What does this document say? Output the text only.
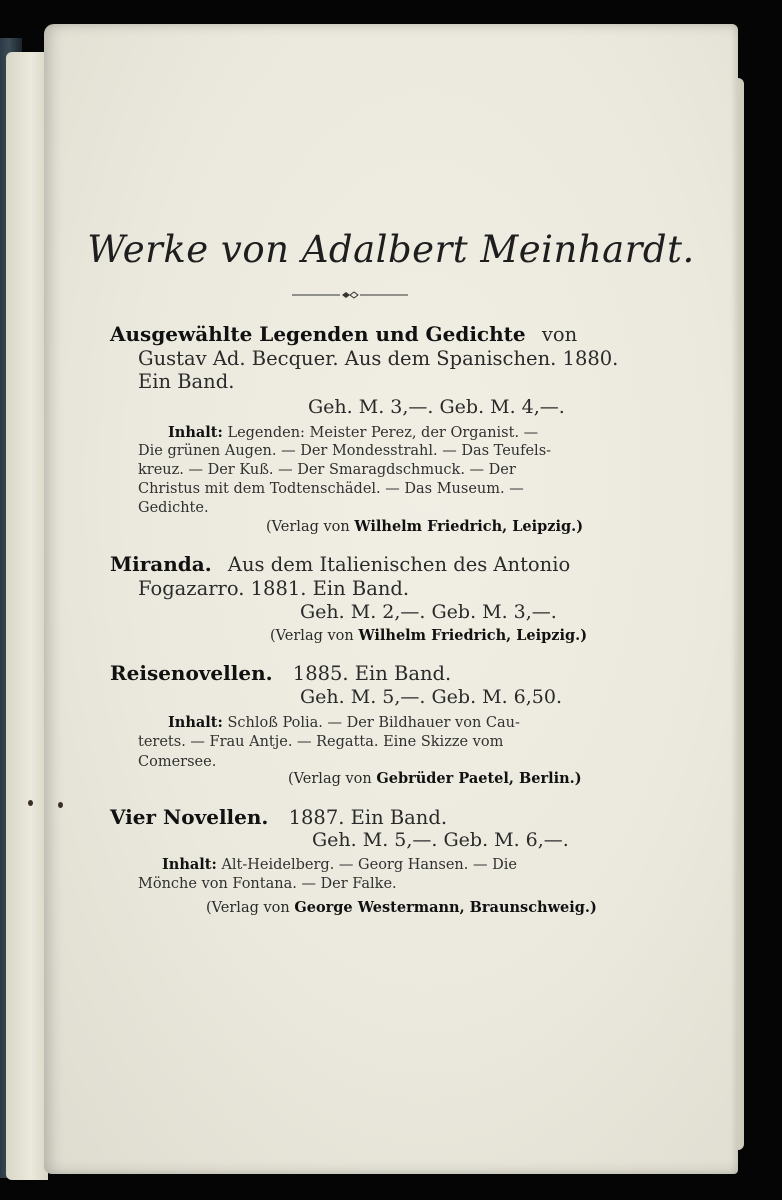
Werke von Adalbert Meinhardt.
Ausgewählte Legenden und Gedichte von
Gustav Ad. Becquer. Aus dem Spanischen. 1880.
Ein Band.
Geh. M. 3,—. Geb. M. 4,—.
Inhalt: Legenden: Meister Perez, der Organist. —
Die grünen Augen. — Der Mondesstrahl. — Das Teufels-
kreuz. — Der Kuß. — Der Smaragdschmuck. — Der
Christus mit dem Todtenschädel. — Das Museum. —
Gedichte.
(Verlag von Wilhelm Friedrich, Leipzig.)
Miranda. Aus dem Italienischen des Antonio
Fogazarro. 1881. Ein Band.
Geh. M. 2,—. Geb. M. 3,—.
(Verlag von Wilhelm Friedrich, Leipzig.)
Reisenovellen. 1885. Ein Band.
Geh. M. 5,—. Geb. M. 6,50.
Inhalt: Schloß Polia. — Der Bildhauer von Cau-
terets. — Frau Antje. — Regatta. Eine Skizze vom
Comersee.
(Verlag von Gebrüder Paetel, Berlin.)
Vier Novellen. 1887. Ein Band.
Geh. M. 5,—. Geb. M. 6,—.
Inhalt: Alt-Heidelberg. — Georg Hansen. — Die
Mönche von Fontana. — Der Falke.
(Verlag von George Westermann, Braunschweig.)
